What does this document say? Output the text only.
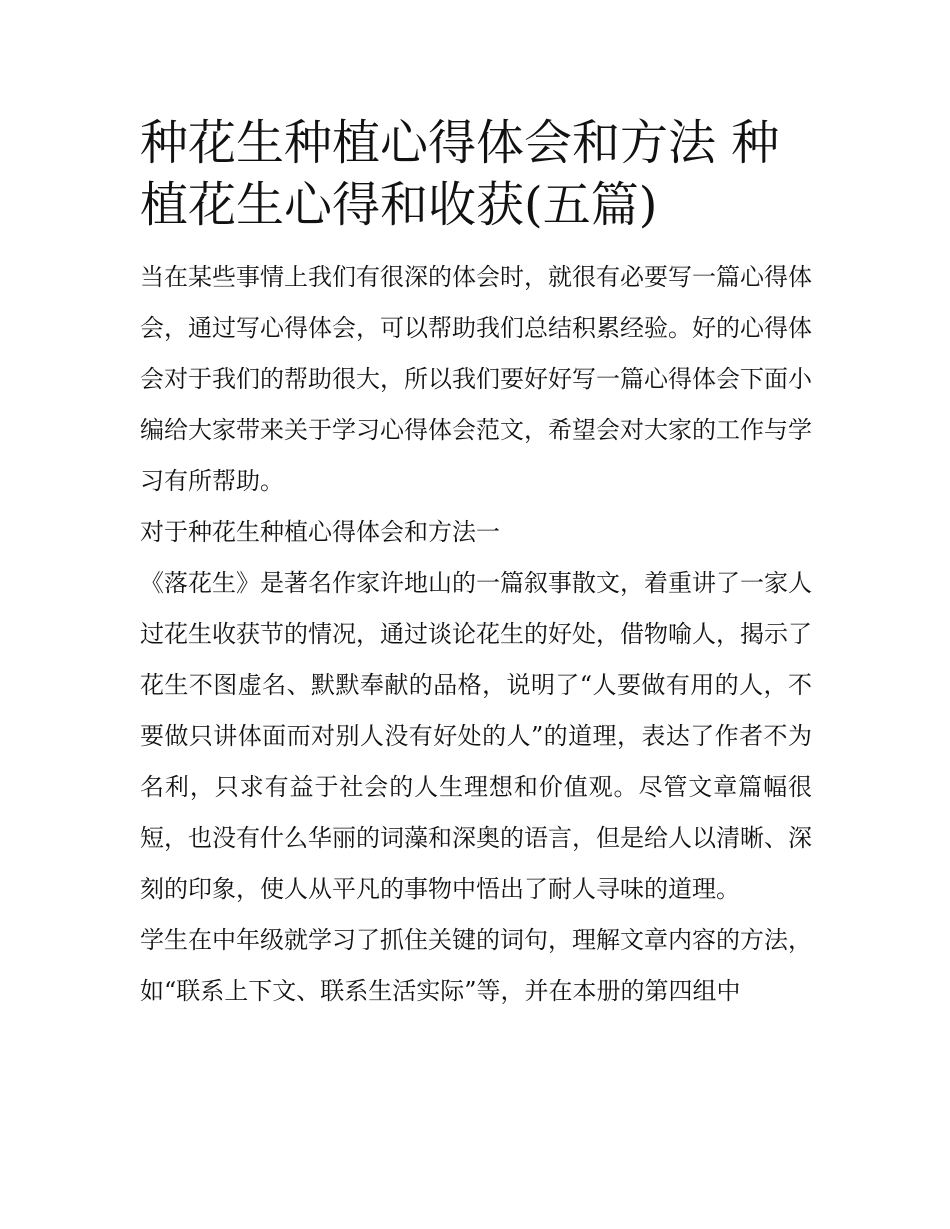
种花生种植心得体会和方法 种植花生心得和收获(五篇)

当在某些事情上我们有很深的体会时，就很有必要写一篇心得体会，通过写心得体会，可以帮助我们总结积累经验。好的心得体会对于我们的帮助很大，所以我们要好好写一篇心得体会下面小编给大家带来关于学习心得体会范文，希望会对大家的工作与学习有所帮助。

对于种花生种植心得体会和方法一

《落花生》是著名作家许地山的一篇叙事散文，着重讲了一家人过花生收获节的情况，通过谈论花生的好处，借物喻人，揭示了花生不图虚名、默默奉献的品格，说明了“人要做有用的人，不要做只讲体面而对别人没有好处的人”的道理，表达了作者不为名利，只求有益于社会的人生理想和价值观。尽管文章篇幅很短，也没有什么华丽的词藻和深奥的语言，但是给人以清晰、深刻的印象，使人从平凡的事物中悟出了耐人寻味的道理。

学生在中年级就学习了抓住关键的词句，理解文章内容的方法，如“联系上下文、联系生活实际”等，并在本册的第四组中
